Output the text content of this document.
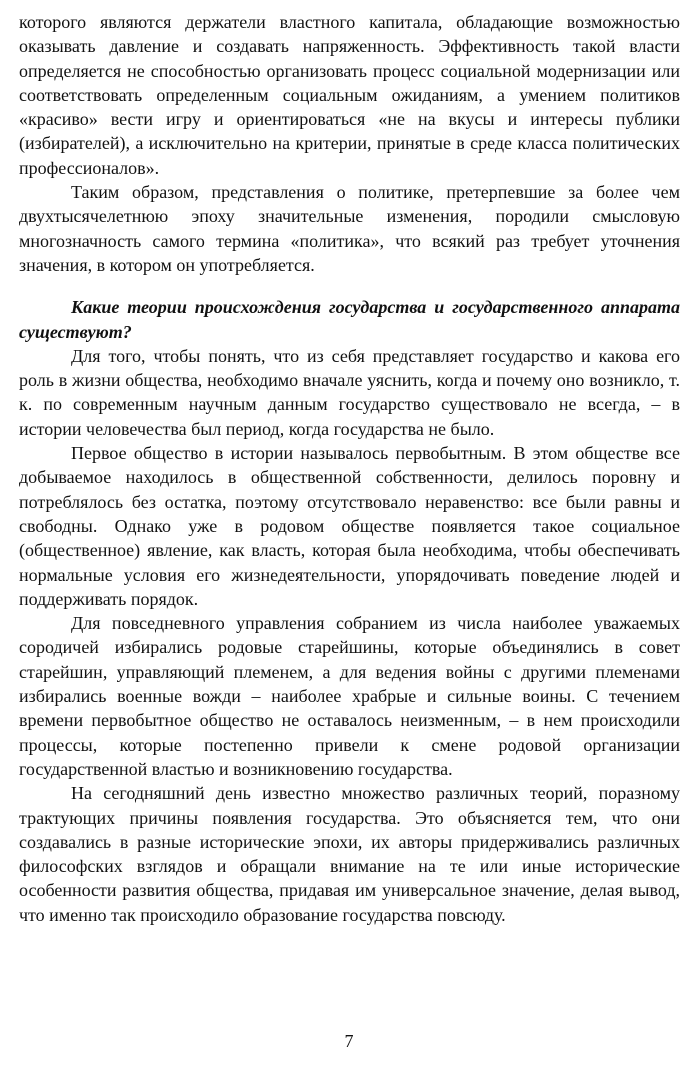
которого являются держатели властного капитала, обладающие возможностью оказывать давление и создавать напряженность. Эффективность такой власти определяется не способностью организовать процесс социальной модернизации или соответствовать определенным социальным ожиданиям, а умением политиков «красиво» вести игру и ориентироваться «не на вкусы и интересы публики (избирателей), а исключительно на критерии, принятые в среде класса политических профессионалов».

Таким образом, представления о политике, претерпевшие за более чем двухтысячелетнюю эпоху значительные изменения, породили смысловую многозначность самого термина «политика», что всякий раз требует уточнения значения, в котором он употребляется.

Какие теории происхождения государства и государственного аппарата существуют?

Для того, чтобы понять, что из себя представляет государство и какова его роль в жизни общества, необходимо вначале уяснить, когда и почему оно возникло, т. к. по современным научным данным государство существовало не всегда, – в истории человечества был период, когда государства не было.

Первое общество в истории называлось первобытным. В этом обществе все добываемое находилось в общественной собственности, делилось поровну и потреблялось без остатка, поэтому отсутствовало неравенство: все были равны и свободны. Однако уже в родовом обществе появляется такое социальное (общественное) явление, как власть, которая была необходима, чтобы обеспечивать нормальные условия его жизнедеятельности, упорядочивать поведение людей и поддерживать порядок.

Для повседневного управления собранием из числа наиболее уважаемых сородичей избирались родовые старейшины, которые объединялись в совет старейшин, управляющий племенем, а для ведения войны с другими племенами избирались военные вожди – наиболее храбрые и сильные воины. С течением времени первобытное общество не оставалось неизменным, – в нем происходили процессы, которые постепенно привели к смене родовой организации государственной властью и возникновению государства.

На сегодняшний день известно множество различных теорий, поразному трактующих причины появления государства. Это объясняется тем, что они создавались в разные исторические эпохи, их авторы придерживались различных философских взглядов и обращали внимание на те или иные исторические особенности развития общества, придавая им универсальное значение, делая вывод, что именно так происходило образование государства повсюду.

7
